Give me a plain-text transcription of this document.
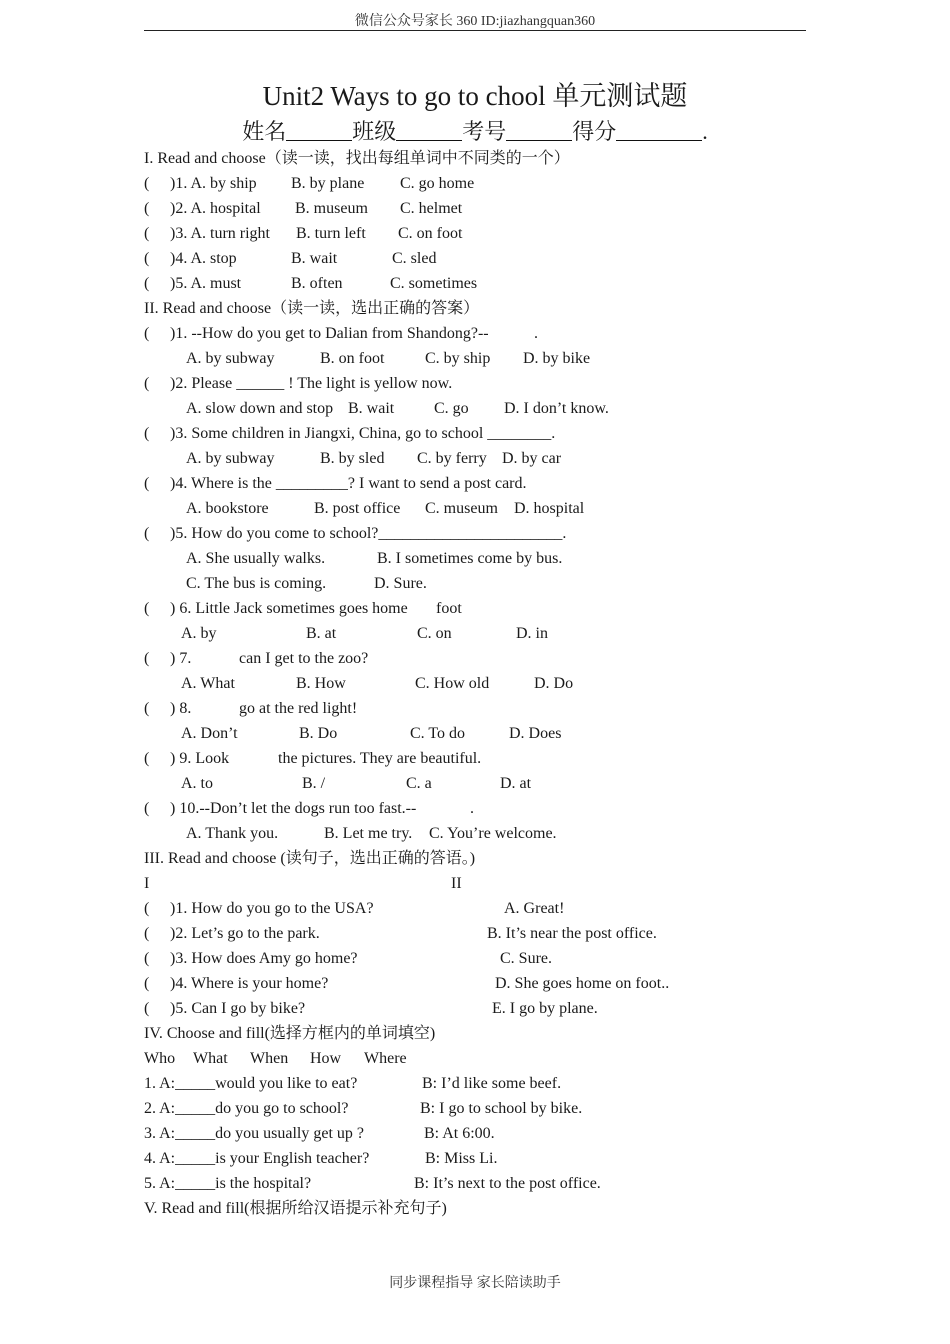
微信公众号家长 360 ID:jiazhangquan360
Unit2 Ways to go to chool 单元测试题
姓名	班级	考号	得分	.
I. Read and choose（读一读，找出每组单词中不同类的一个）
( )1. A. by ship B. by plane C. go home
( )2. A. hospital B. museum C. helmet
( )3. A. turn right B. turn left C. on foot
( )4. A. stop	B. wait	C. sled
( )5. A. must	B. often	C. sometimes
II. Read and choose（读一读，选出正确的答案）
( )1. --How do you get to Dalian from Shandong?--	.
A. by subway	B. on foot	C. by ship D. by bike
( )2. Please ______ ! The light is yellow now.
A. slow down and stop B. wait C. go D. I don’t know.
( )3. Some children in Jiangxi, China, go to school ________.
A. by subway	B. by sled C. by ferry D. by car
( )4. Where is the _________? I want to send a post card.
A. bookstore	B. post office C. museum D. hospital
( )5. How do you come to school?_______________________.
A. She usually walks.	B. I sometimes come by bus.
C. The bus is coming.	D. Sure.
( ) 6. Little Jack sometimes goes home foot
A. by	B. at	C. on	D. in
( ) 7.	can I get to the zoo?
A. What	B. How	C. How old	D. Do
( ) 8.	go at the red light!
A. Don’t	B. Do	C. To do	D. Does
( ) 9. Look	the pictures. They are beautiful.
A. to	B. /	C. a	D. at
( ) 10.--Don’t let the dogs run too fast.--	.
A. Thank you.	B. Let me try. C. You’re welcome.
III. Read and choose (读句子，选出正确的答语。)
I	II
( )1. How do you go to the USA?	A. Great!
( )2. Let’s go to the park.	B. It’s near the post office.
( )3. How does Amy go home?	C. Sure.
( )4. Where is your home?	D. She goes home on foot..
( )5. Can I go by bike?	E. I go by plane.
IV. Choose and fill(选择方框内的单词填空)
Who What When How Where
1. A:_____would you like to eat?	B: I’d like some beef.
2. A:_____do you go to school?	B: I go to school by bike.
3. A:_____do you usually get up ?	B: At 6:00.
4. A:_____is your English teacher?	B: Miss Li.
5. A:_____is the hospital?	B: It’s next to the post office.
V. Read and fill(根据所给汉语提示补充句子)
同步课程指导 家长陪读助手
